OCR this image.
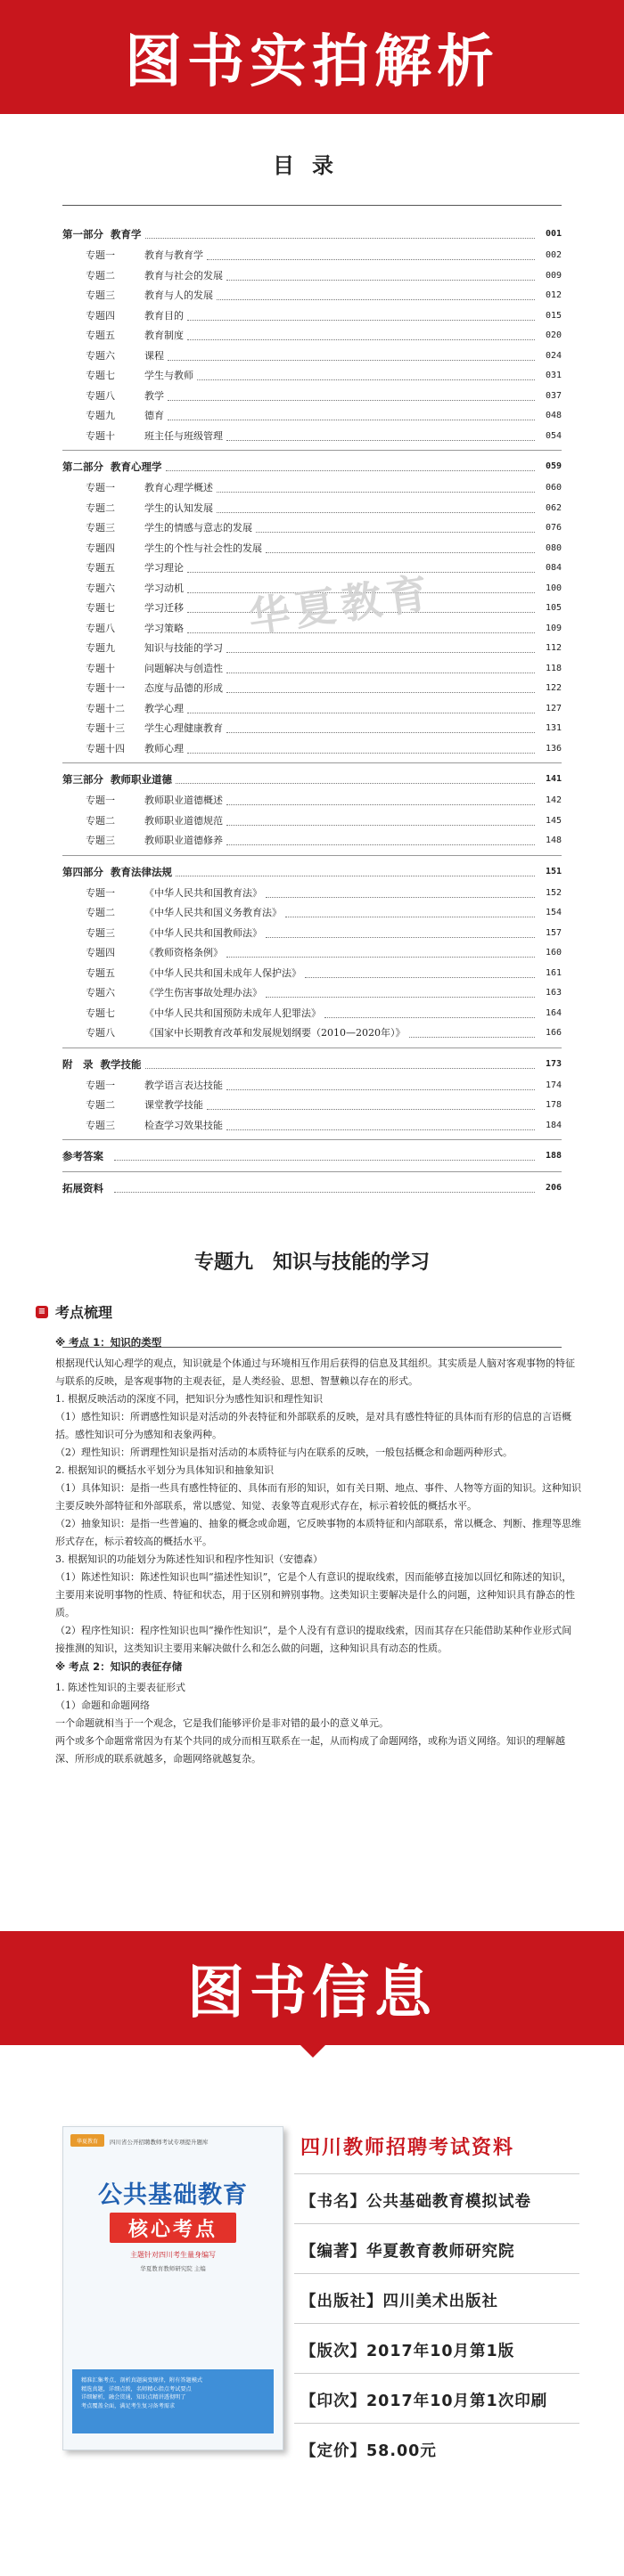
图书实拍解析
目录
第一部分 教育学	001
专题一	教育与教育学	002
专题二	教育与社会的发展	009
专题三	教育与人的发展	012
专题四	教育目的	015
专题五	教育制度	020
专题六	课程	024
专题七	学生与教师	031
专题八	教学	037
专题九	德育	048
专题十	班主任与班级管理	054
第二部分 教育心理学	059
专题一	教育心理学概述	060
专题二	学生的认知发展	062
专题三	学生的情感与意志的发展	076
专题四	学生的个性与社会性的发展	080
专题五	学习理论	084
专题六	学习动机	100
专题七	学习迁移	105
专题八	学习策略	109
专题九	知识与技能的学习	112
专题十	问题解决与创造性	118
专题十一	态度与品德的形成	122
专题十二	教学心理	127
专题十三	学生心理健康教育	131
专题十四	教师心理	136
第三部分 教师职业道德	141
专题一	教师职业道德概述	142
专题二	教师职业道德规范	145
专题三	教师职业道德修养	148
第四部分 教育法律法规	151
专题一	《中华人民共和国教育法》	152
专题二	《中华人民共和国义务教育法》	154
专题三	《中华人民共和国教师法》	157
专题四	《教师资格条例》	160
专题五	《中华人民共和国未成年人保护法》	161
专题六	《学生伤害事故处理办法》	163
专题七	《中华人民共和国预防未成年人犯罪法》	164
专题八	《国家中长期教育改革和发展规划纲要（2010—2020年）》	166
附　录 教学技能	173
专题一	教学语言表达技能	174
专题二	课堂教学技能	178
专题三	检查学习效果技能	184
参考答案	188
拓展资料	206
华夏教育
专题九　知识与技能的学习
≡ 考点梳理
※ 考点 1：知识的类型
根据现代认知心理学的观点，知识就是个体通过与环境相互作用后获得的信息及其组织。其实质是人脑对客观事物的特征与联系的反映，是客观事物的主观表征，是人类经验、思想、智慧赖以存在的形式。
1. 根据反映活动的深度不同，把知识分为感性知识和理性知识
（1）感性知识：所谓感性知识是对活动的外表特征和外部联系的反映，是对具有感性特征的具体而有形的信息的言语概括。感性知识可分为感知和表象两种。
（2）理性知识：所谓理性知识是指对活动的本质特征与内在联系的反映，一般包括概念和命题两种形式。
2. 根据知识的概括水平划分为具体知识和抽象知识
（1）具体知识：是指一些具有感性特征的、具体而有形的知识，如有关日期、地点、事件、人物等方面的知识。这种知识主要反映外部特征和外部联系，常以感觉、知觉、表象等直观形式存在，标示着较低的概括水平。
（2）抽象知识：是指一些普遍的、抽象的概念或命题，它反映事物的本质特征和内部联系，常以概念、判断、推理等思维形式存在，标示着较高的概括水平。
3. 根据知识的功能划分为陈述性知识和程序性知识（安德森）
（1）陈述性知识：陈述性知识也叫“描述性知识”，它是个人有意识的提取线索，因而能够直接加以回忆和陈述的知识，主要用来说明事物的性质、特征和状态，用于区别和辨别事物。这类知识主要解决是什么的问题，这种知识具有静态的性质。
（2）程序性知识：程序性知识也叫“操作性知识”，是个人没有有意识的提取线索，因而其存在只能借助某种作业形式间接推测的知识，这类知识主要用来解决做什么和怎么做的问题，这种知识具有动态的性质。
※ 考点 2：知识的表征存储
1. 陈述性知识的主要表征形式
（1）命题和命题网络
一个命题就相当于一个观念，它是我们能够评价是非对错的最小的意义单元。
两个或多个命题常常因为有某个共同的成分而相互联系在一起，从而构成了命题网络，或称为语义网络。知识的理解越深、所形成的联系就越多，命题网络就越复杂。
图书信息
华夏教育	四川省公开招聘教师考试专项提升题库
公共基础教育
核心考点
主题针对四川考生量身编写
华夏教育教师研究院 主编
精准汇集考点，剖析真题演变规律，附有答题模式
精选真题，详细点拨，名师精心指点考试要点
详细解析，融会贯通，知识点精讲透彻明了
考点覆盖全面，满足考生复习备考需求
四川教师招聘考试资料
【书名】公共基础教育模拟试卷
【编著】华夏教育教师研究院
【出版社】四川美术出版社
【版次】2017年10月第1版
【印次】2017年10月第1次印刷
【定价】58.00元
